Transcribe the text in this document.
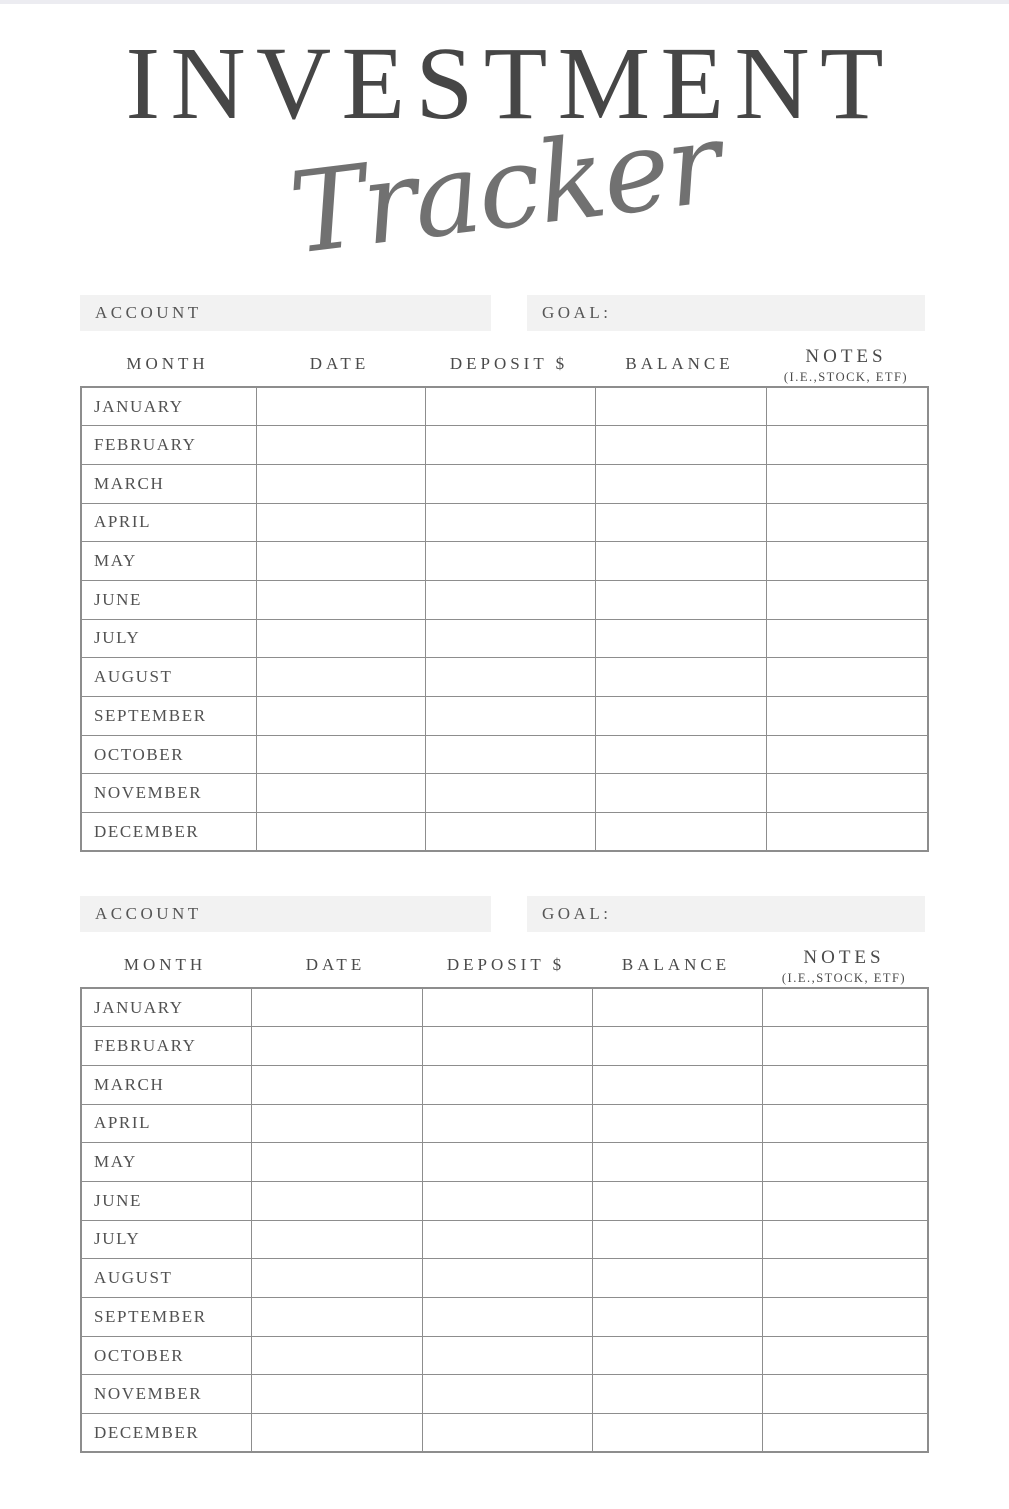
INVESTMENT
Tracker
ACCOUNT	GOAL:
MONTH	DATE	DEPOSIT $	BALANCE	NOTES
(I.E.,STOCK, ETF)
JANUARY				
FEBRUARY				
MARCH				
APRIL				
MAY				
JUNE				
JULY				
AUGUST				
SEPTEMBER				
OCTOBER				
NOVEMBER				
DECEMBER				
ACCOUNT	GOAL:
MONTH	DATE	DEPOSIT $	BALANCE	NOTES
(I.E.,STOCK, ETF)
JANUARY				
FEBRUARY				
MARCH				
APRIL				
MAY				
JUNE				
JULY				
AUGUST				
SEPTEMBER				
OCTOBER				
NOVEMBER				
DECEMBER				
